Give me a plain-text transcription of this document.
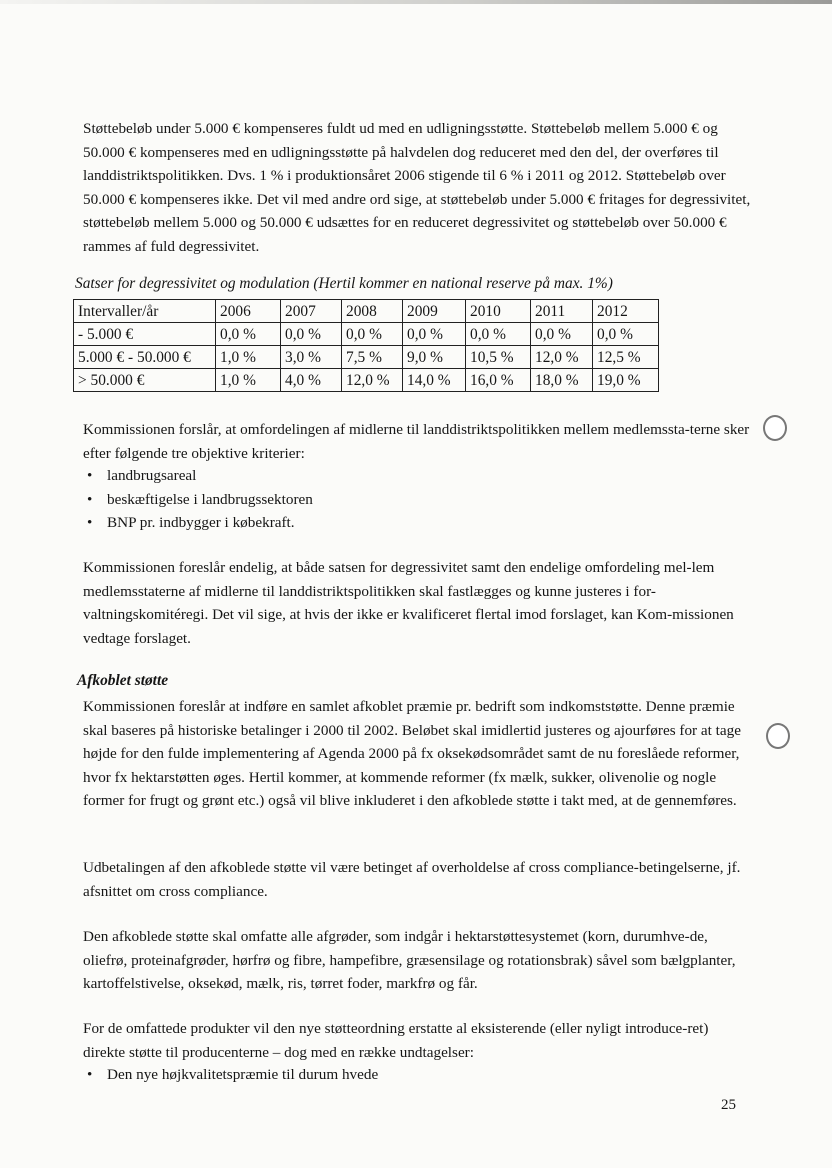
Støttebeløb under 5.000 € kompenseres fuldt ud med en udligningsstøtte. Støttebeløb mellem 5.000 € og 50.000 € kompenseres med en udligningsstøtte på halvdelen dog reduceret med den del, der overføres til landdistriktspolitikken. Dvs. 1 % i produktionsåret 2006 stigende til 6 % i 2011 og 2012. Støttebeløb over 50.000 € kompenseres ikke. Det vil med andre ord sige, at støttebeløb under 5.000 € fritages for degressivitet, støttebeløb mellem 5.000 og 50.000 € udsættes for en reduceret degressivitet og støttebeløb over 50.000 € rammes af fuld degressivitet.

Satser for degressivitet og modulation (Hertil kommer en national reserve på max. 1%)

Intervaller/år	2006	2007	2008	2009	2010	2011	2012
- 5.000 €	0,0 %	0,0 %	0,0 %	0,0 %	0,0 %	0,0 %	0,0 %
5.000 € - 50.000 €	1,0 %	3,0 %	7,5 %	9,0 %	10,5 %	12,0 %	12,5 %
> 50.000 €	1,0 %	4,0 %	12,0 %	14,0 %	16,0 %	18,0 %	19,0 %

Kommissionen forslår, at omfordelingen af midlerne til landdistriktspolitikken mellem medlemssta-terne sker efter følgende tre objektive kriterier:

• landbrugsareal
• beskæftigelse i landbrugssektoren
• BNP pr. indbygger i købekraft.

Kommissionen foreslår endelig, at både satsen for degressivitet samt den endelige omfordeling mel-lem medlemsstaterne af midlerne til landdistriktspolitikken skal fastlægges og kunne justeres i for-valtningskomitéregi. Det vil sige, at hvis der ikke er kvalificeret flertal imod forslaget, kan Kom-missionen vedtage forslaget.

Afkoblet støtte

Kommissionen foreslår at indføre en samlet afkoblet præmie pr. bedrift som indkomststøtte. Denne præmie skal baseres på historiske betalinger i 2000 til 2002. Beløbet skal imidlertid justeres og ajourføres for at tage højde for den fulde implementering af Agenda 2000 på fx oksekødsområdet samt de nu foreslåede reformer, hvor fx hektarstøtten øges. Hertil kommer, at kommende reformer (fx mælk, sukker, olivenolie og nogle former for frugt og grønt etc.) også vil blive inkluderet i den afkoblede støtte i takt med, at de gennemføres.

Udbetalingen af den afkoblede støtte vil være betinget af overholdelse af cross compliance-betingelserne, jf. afsnittet om cross compliance.

Den afkoblede støtte skal omfatte alle afgrøder, som indgår i hektarstøttesystemet (korn, durumhve-de, oliefrø, proteinafgrøder, hørfrø og fibre, hampefibre, græsensilage og rotationsbrak) såvel som bælgplanter, kartoffelstivelse, oksekød, mælk, ris, tørret foder, markfrø og får.

For de omfattede produkter vil den nye støtteordning erstatte al eksisterende (eller nyligt introduce-ret) direkte støtte til producenterne – dog med en række undtagelser:

• Den nye højkvalitetspræmie til durum hvede

25
